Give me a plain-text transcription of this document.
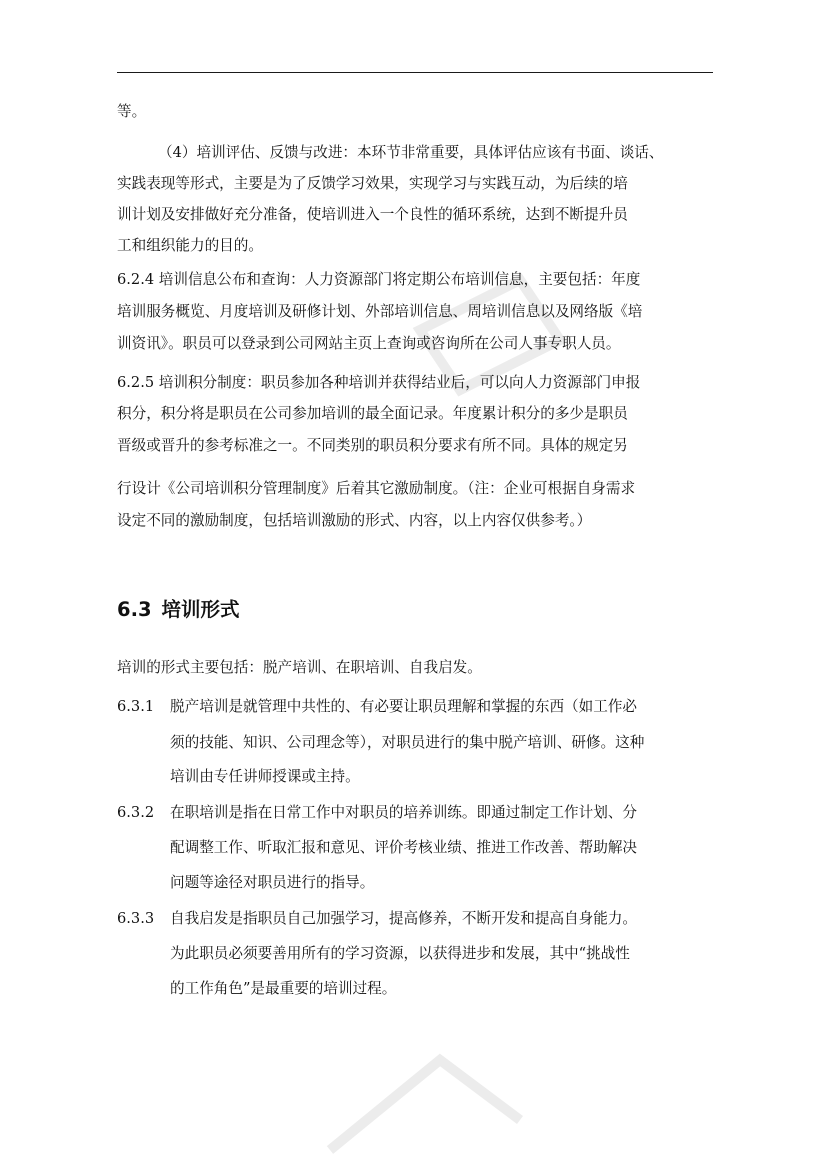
等。
（4）培训评估、反馈与改进：本环节非常重要，具体评估应该有书面、谈话、
实践表现等形式，主要是为了反馈学习效果，实现学习与实践互动，为后续的培
训计划及安排做好充分准备，使培训进入一个良性的循环系统，达到不断提升员
工和组织能力的目的。
6.2.4 培训信息公布和查询：人力资源部门将定期公布培训信息，主要包括：年度
培训服务概览、月度培训及研修计划、外部培训信息、周培训信息以及网络版《培
训资讯》。职员可以登录到公司网站主页上查询或咨询所在公司人事专职人员。
6.2.5 培训积分制度：职员参加各种培训并获得结业后，可以向人力资源部门申报
积分，积分将是职员在公司参加培训的最全面记录。年度累计积分的多少是职员
晋级或晋升的参考标准之一。不同类别的职员积分要求有所不同。具体的规定另
行设计《公司培训积分管理制度》后着其它激励制度。（注：企业可根据自身需求
设定不同的激励制度，包括培训激励的形式、内容，以上内容仅供参考。）
6.3 培训形式
培训的形式主要包括：脱产培训、在职培训、自我启发。
6.3.1 脱产培训是就管理中共性的、有必要让职员理解和掌握的东西（如工作必
须的技能、知识、公司理念等），对职员进行的集中脱产培训、研修。这种
培训由专任讲师授课或主持。
6.3.2 在职培训是指在日常工作中对职员的培养训练。即通过制定工作计划、分
配调整工作、听取汇报和意见、评价考核业绩、推进工作改善、帮助解决
问题等途径对职员进行的指导。
6.3.3 自我启发是指职员自己加强学习，提高修养，不断开发和提高自身能力。
为此职员必须要善用所有的学习资源，以获得进步和发展，其中“挑战性
的工作角色”是最重要的培训过程。
